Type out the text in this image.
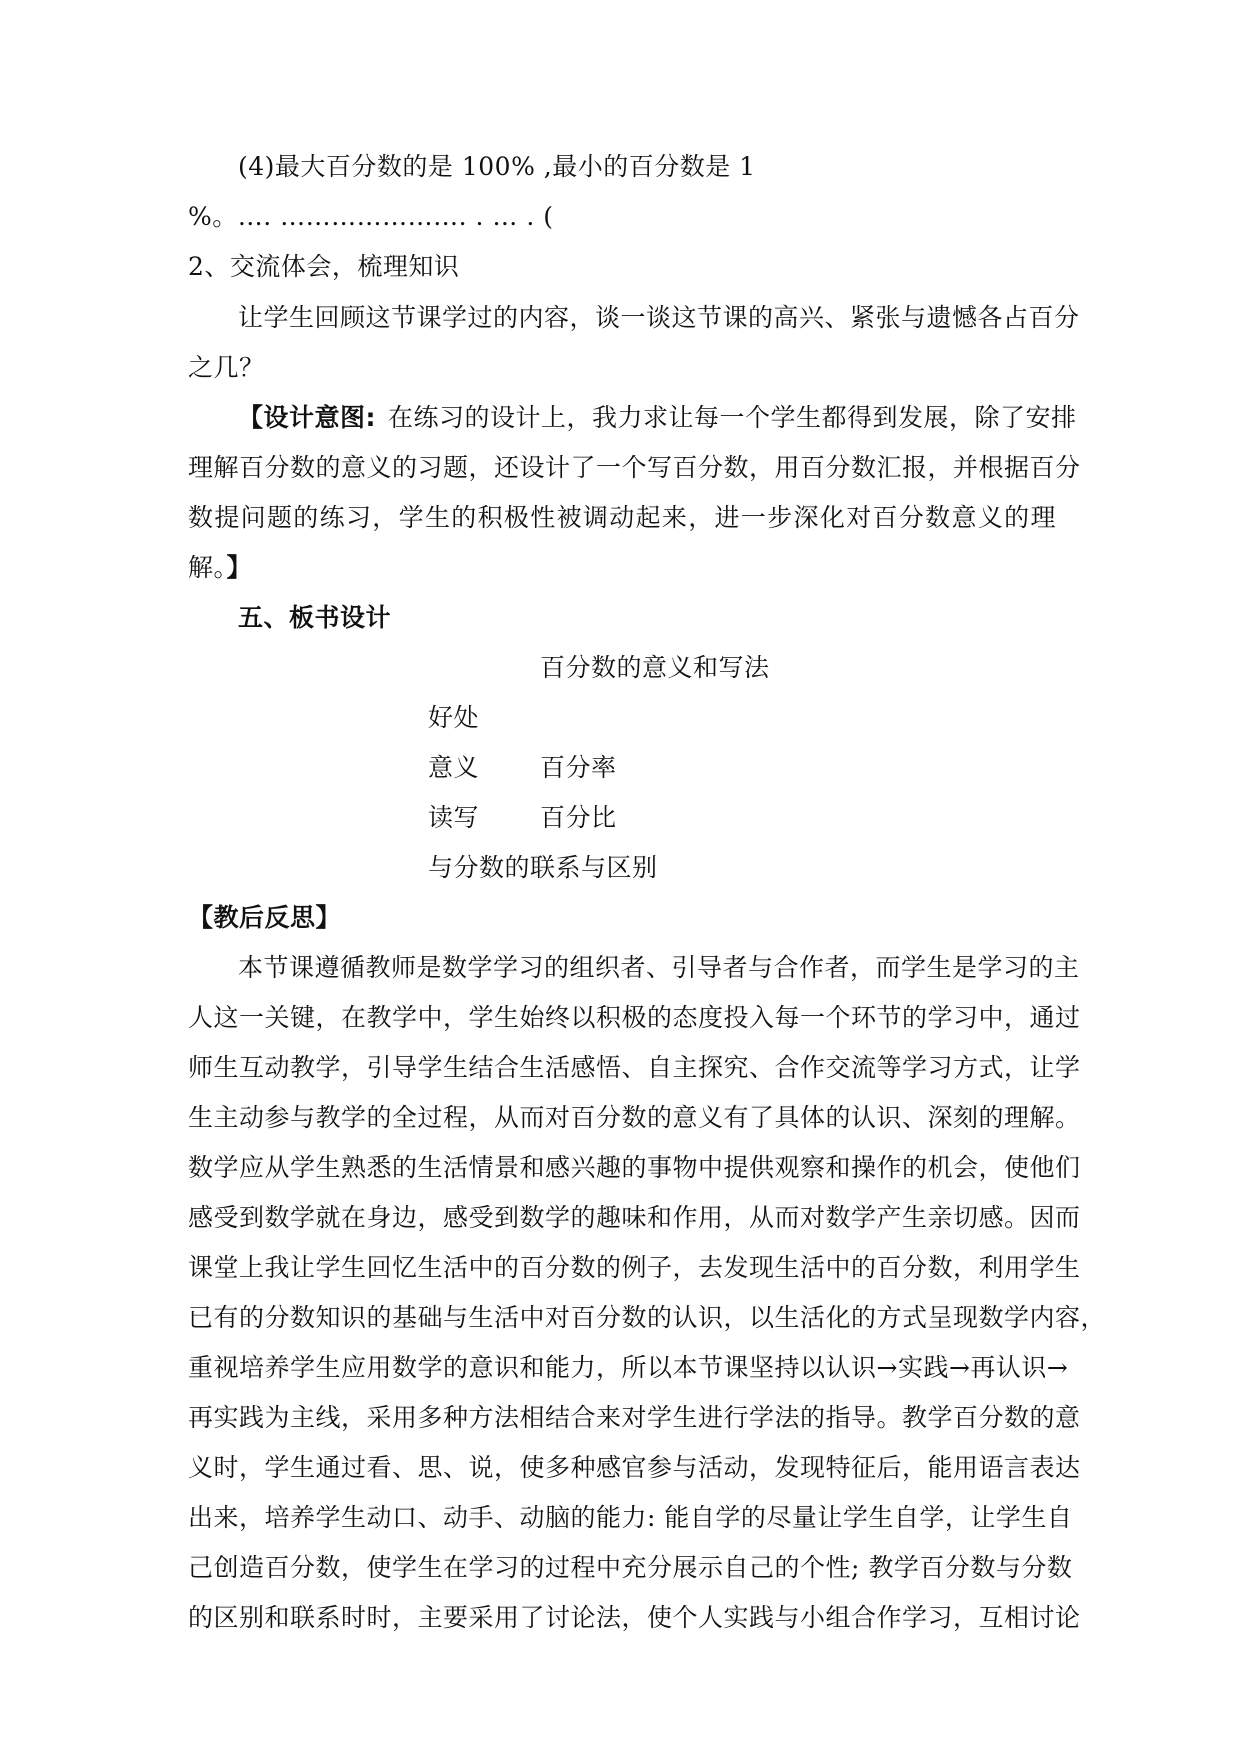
(4)最大百分数的是 100% ,最小的百分数是 1
%。…. …………………. . … . (
2、交流体会，梳理知识
让学生回顾这节课学过的内容，谈一谈这节课的高兴、紧张与遗憾各占百分
之几？
【设计意图: 在练习的设计上，我力求让每一个学生都得到发展，除了安排
理解百分数的意义的习题，还设计了一个写百分数，用百分数汇报，并根据百分
数提问题的练习，学生的积极性被调动起来，进一步深化对百分数意义的理
解。】
五、板书设计
百分数的意义和写法
好处
意义 百分率
读写 百分比
与分数的联系与区别
【教后反思】
本节课遵循教师是数学学习的组织者、引导者与合作者，而学生是学习的主
人这一关键，在教学中，学生始终以积极的态度投入每一个环节的学习中，通过
师生互动教学，引导学生结合生活感悟、自主探究、合作交流等学习方式，让学
生主动参与教学的全过程，从而对百分数的意义有了具体的认识、深刻的理解。
数学应从学生熟悉的生活情景和感兴趣的事物中提供观察和操作的机会，使他们
感受到数学就在身边，感受到数学的趣味和作用，从而对数学产生亲切感。因而
课堂上我让学生回忆生活中的百分数的例子，去发现生活中的百分数，利用学生
已有的分数知识的基础与生活中对百分数的认识，以生活化的方式呈现数学内容，
重视培养学生应用数学的意识和能力，所以本节课坚持以认识→实践→再认识→
再实践为主线，采用多种方法相结合来对学生进行学法的指导。教学百分数的意
义时，学生通过看、思、说，使多种感官参与活动，发现特征后，能用语言表达
出来，培养学生动口、动手、动脑的能力: 能自学的尽量让学生自学，让学生自
己创造百分数，使学生在学习的过程中充分展示自己的个性; 教学百分数与分数
的区别和联系时时，主要采用了讨论法，使个人实践与小组合作学习，互相讨论
